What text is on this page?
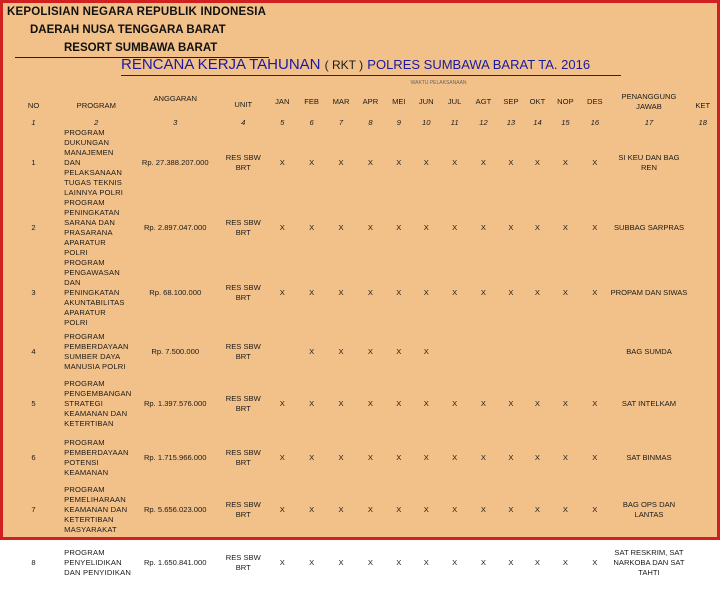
KEPOLISIAN NEGARA REPUBLIK INDONESIA
DAERAH NUSA TENGGARA BARAT
RESORT SUMBAWA BARAT
RENCANA KERJA TAHUNAN ( RKT ) POLRES SUMBAWA BARAT TA. 2016
				WAKTU PELAKSANAAN													
NO	PROGRAM	ANGGARAN	UNIT	JAN	FEB	MAR	APR	MEI	JUN	JUL	AGT	SEP	OKT	NOP	DES	PENANGGUNG JAWAB	KET
1	2	3	4	5	6	7	8	9	10	11	12	13	14	15	16	17	18
1	PROGRAM DUKUNGAN MANAJEMEN DAN PELAKSANAAN TUGAS TEKNIS LAINNYA POLRI	Rp. 27.388.207.000	RES SBW BRT	X	X	X	X	X	X	X	X	X	X	X	X	SI KEU DAN BAG REN	
2	PROGRAM PENINGKATAN SARANA DAN PRASARANA APARATUR POLRI	Rp. 2.897.047.000	RES SBW BRT	X	X	X	X	X	X	X	X	X	X	X	X	SUBBAG SARPRAS	
3	PROGRAM PENGAWASAN DAN PENINGKATAN AKUNTABILITAS APARATUR POLRI	Rp. 68.100.000	RES SBW BRT	X	X	X	X	X	X	X	X	X	X	X	X	PROPAM DAN SIWAS	
4	PROGRAM PEMBERDAYAAN SUMBER DAYA MANUSIA POLRI	Rp. 7.500.000	RES SBW BRT		X	X	X	X	X							BAG SUMDA	
5	PROGRAM PENGEMBANGAN STRATEGI KEAMANAN DAN KETERTIBAN	Rp. 1.397.576.000	RES SBW BRT	X	X	X	X	X	X	X	X	X	X	X	X	SAT INTELKAM	
6	PROGRAM PEMBERDAYAAN POTENSI KEAMANAN	Rp. 1.715.966.000	RES SBW BRT	X	X	X	X	X	X	X	X	X	X	X	X	SAT BINMAS	
7	PROGRAM PEMELIHARAAN KEAMANAN DAN KETERTIBAN MASYARAKAT	Rp. 5.656.023.000	RES SBW BRT	X	X	X	X	X	X	X	X	X	X	X	X	BAG OPS DAN LANTAS	
8	PROGRAM PENYELIDIKAN DAN PENYIDIKAN	Rp. 1.650.841.000	RES SBW BRT	X	X	X	X	X	X	X	X	X	X	X	X	SAT RESKRIM, SAT NARKOBA DAN SAT TAHTI	
